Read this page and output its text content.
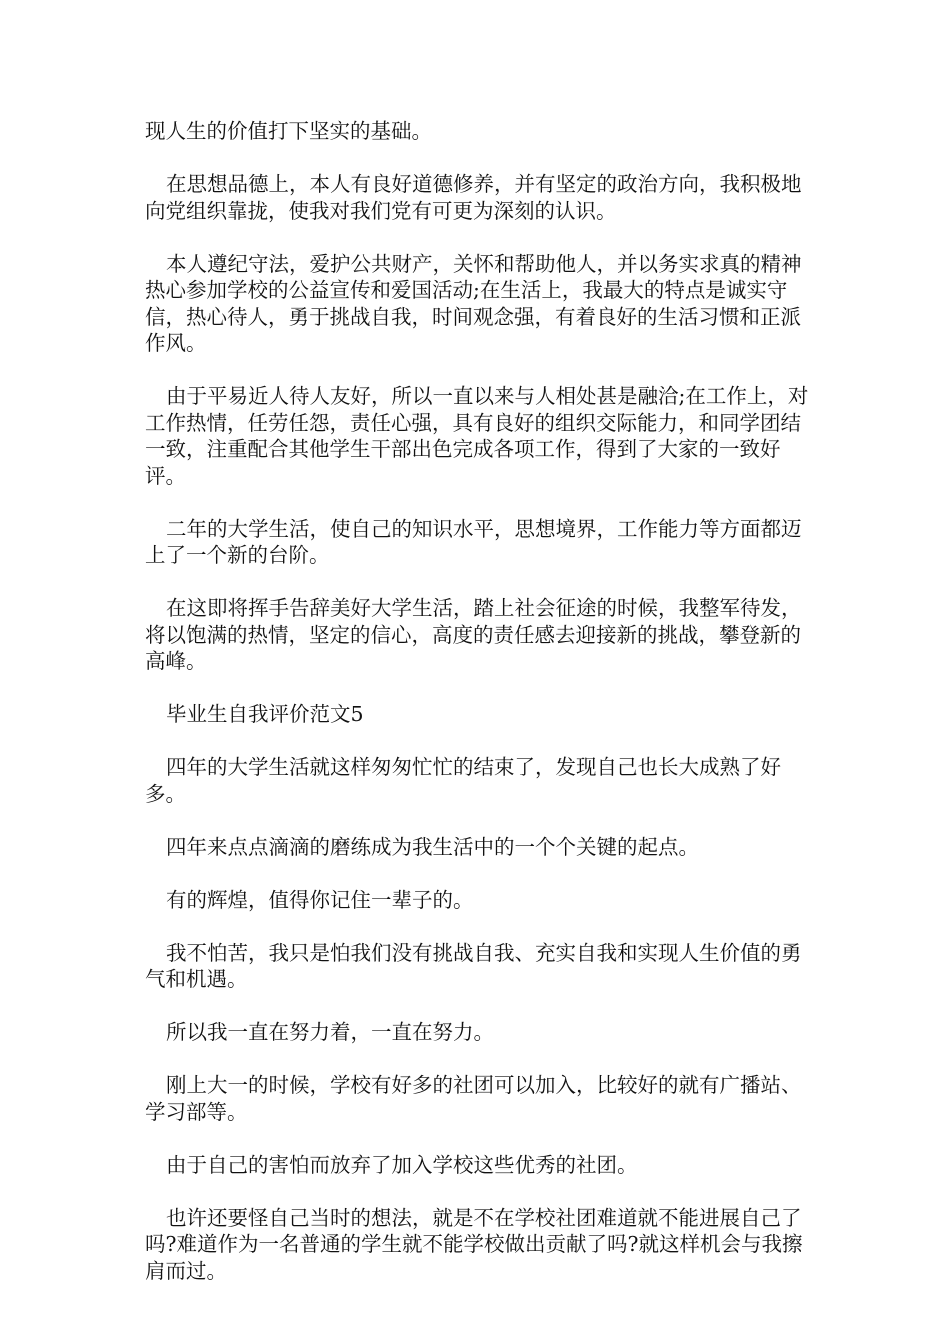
现人生的价值打下坚实的基础。

在思想品德上，本人有良好道德修养，并有坚定的政治方向，我积极地向党组织靠拢，使我对我们党有可更为深刻的认识。

本人遵纪守法，爱护公共财产，关怀和帮助他人，并以务实求真的精神热心参加学校的公益宣传和爱国活动;在生活上，我最大的特点是诚实守信，热心待人，勇于挑战自我，时间观念强，有着良好的生活习惯和正派作风。

由于平易近人待人友好，所以一直以来与人相处甚是融洽;在工作上，对工作热情，任劳任怨，责任心强，具有良好的组织交际能力，和同学团结一致，注重配合其他学生干部出色完成各项工作，得到了大家的一致好评。

二年的大学生活，使自己的知识水平，思想境界，工作能力等方面都迈上了一个新的台阶。

在这即将挥手告辞美好大学生活，踏上社会征途的时候，我整军待发，将以饱满的热情，坚定的信心，高度的责任感去迎接新的挑战，攀登新的高峰。

毕业生自我评价范文5

四年的大学生活就这样匆匆忙忙的结束了，发现自己也长大成熟了好多。

四年来点点滴滴的磨练成为我生活中的一个个关键的起点。

有的辉煌，值得你记住一辈子的。

我不怕苦，我只是怕我们没有挑战自我、充实自我和实现人生价值的勇气和机遇。

所以我一直在努力着，一直在努力。

刚上大一的时候，学校有好多的社团可以加入，比较好的就有广播站、学习部等。

由于自己的害怕而放弃了加入学校这些优秀的社团。

也许还要怪自己当时的想法，就是不在学校社团难道就不能进展自己了吗?难道作为一名普通的学生就不能学校做出贡献了吗?就这样机会与我擦肩而过。
